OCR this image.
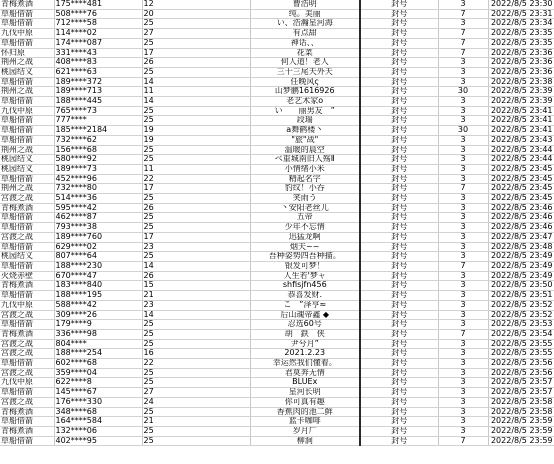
青梅煮酒	175****481	12	曹浩明	封号	3	2022/8/5 23:30
草船借箭	508****76	20	纯。美丽	封号	7	2022/8/5 23:31
草船借箭	712****58	25	い、浩瀚星河海	封号	3	2022/8/5 23:34
九伐中原	114****02	27	有点甜	封号	7	2022/8/5 23:35
草船借箭	174****087	25	神话、、	封号	7	2022/8/5 23:35
怀归原	331****43	17	花菜	封号	7	2022/8/5 23:36
荆州之战	408****83	26	何人道！老人	封号	3	2022/8/5 23:36
桃园结义	621****63	25	三十三尾天外天	封号	3	2022/8/5 23:36
草船借箭	189****372	14	任晚风ς	封号	3	2022/8/5 23:38
荆州之战	189****713	11	山梦鹏1616926	封号	30	2022/8/5 23:39
草船借箭	188****445	14	老艺术家o	封号	3	2022/8/5 23:39
九伐中原	765****73	25	い　　丽男友　”	封号	3	2022/8/5 23:41
草船借箭	777****	25	段瑞	封号	3	2022/8/5 23:41
草船借箭	185****2184	19	a舞鹤楼丶	封号	30	2022/8/5 23:41
草船借箭	732****62	19	"旅"战"	封号	3	2022/8/5 23:43
荆州之战	156****68	25	温暖的晨空	封号	3	2022/8/5 23:44
桃园结义	580****92	25	べ重城南旧人殇Ⅱ	封号	3	2022/8/5 23:44
桃园结义	189****73	11	小情绪小米	封号	3	2022/8/5 23:45
草船借箭	452****96	22	精起名字	封号	3	2022/8/5 23:45
荆州之战	732****80	17	豹纹！小吞	封号	7	2022/8/5 23:45
宫渡之战	514****36	25	笑雨う	封号	3	2022/8/5 23:45
青梅煮酒	595****42	26	丶安阳老丝儿	封号	3	2022/8/5 23:46
草船借箭	462****87	25	五帝	封号	3	2022/8/5 23:46
草船借箭	793****38	25	少年不忘情	封号	3	2022/8/5 23:46
宫渡之战	189****760	17	迅猛龙啊	封号	3	2022/8/5 23:47
草船借箭	629****02	23	烟夫~~	封号	3	2022/8/5 23:48
桃园结义	807****64	25	吾种姿势四吾种描。	封号	3	2022/8/5 23:49
草船借箭	188****230	14	银发可梦！	封号	7	2022/8/5 23:49
火烧赤壁	670****47	26	人生若'梦ャ	封号	3	2022/8/5 23:49
青梅煮酒	183****840	15	shfisjfn456	封号	3	2022/8/5 23:50
草船借箭	188****195	21	恭喜发财.	封号	3	2022/8/5 23:51
九伐中原	588****42	23	こ　”泽亨≈	封号	3	2022/8/5 23:52
宫渡之战	309****26	14	后山魂帝鑫 ◆	封号	3	2022/8/5 23:52
草船借箭	179****9	25	忍选60号	封号	3	2022/8/5 23:53
青梅煮酒	336****98	25	胡　鉄　侠	封号	7	2022/8/5 23:54
宫渡之战	804****	25	尹兮月”	封号	3	2022/8/5 23:55
宫渡之战	188****254	16	2021.2.23	封号	3	2022/8/5 23:55
草船借箭	602****68	22	幸运然我们懂着。	封号	3	2022/8/5 23:56
宫渡之战	359****04	25	君莫奔无情	封号	3	2022/8/5 23:56
九伐中原	622****8	25	BLUEx	封号	3	2022/8/5 23:57
草船借箭	145****67	27	星河长明	封号	3	2022/8/5 23:57
宫渡之战	176****330	24	你可真有趣	封号	3	2022/8/5 23:58
青梅煮酒	348****68	25	香蕉肉的池二鲜	封号	3	2022/8/5 23:58
草船借箭	164****584	21	蓝卡咖啡	封号	3	2022/8/5 23:59
青梅煮酒	132****06	25	岁月厂	封号	3	2022/8/5 23:59
草船借箭	402****95	25	柳涧	封号	7	2022/8/5 23:59
